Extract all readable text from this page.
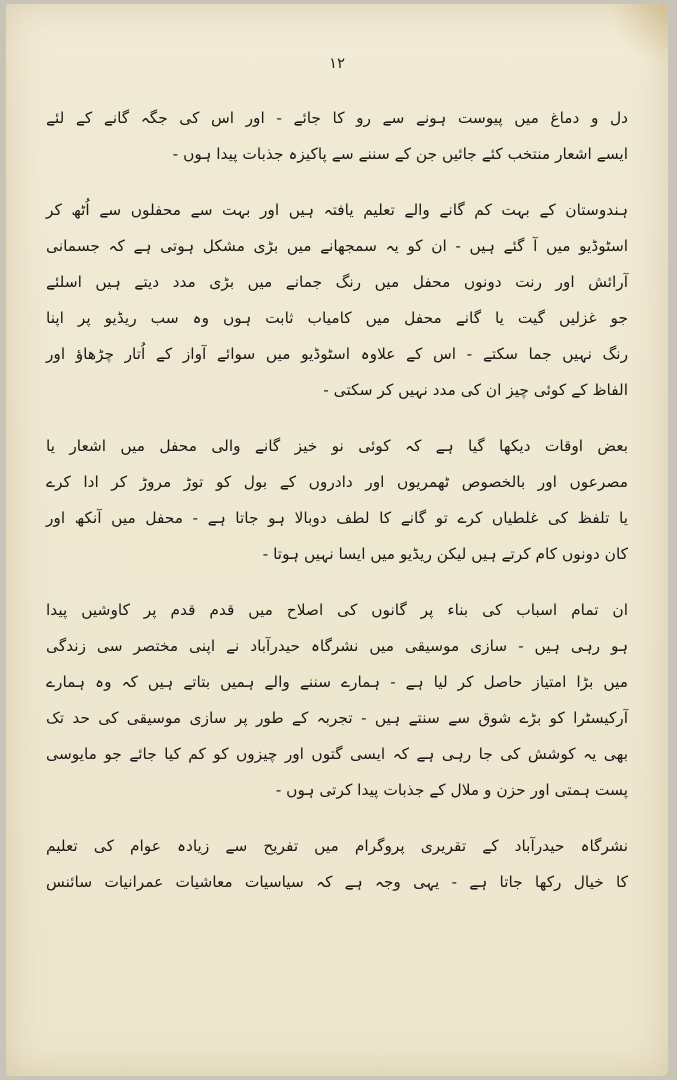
١٢
دل و دماغ میں پیوست ہونے سے رو کا جائے - اور اس کی جگہ گانے کے لئے
ایسے اشعار منتخب کئے جائیں جن کے سننے سے پاکیزہ جذبات پیدا ہوں -
ہندوستان کے بہت کم گانے والے تعلیم یافتہ ہیں اور بہت سے محفلوں سے اُٹھ کر
اسٹوڈیو میں آ گئے ہیں - ان کو یہ سمجھانے میں بڑی مشکل ہوتی ہے کہ جسمانی
آرائش اور رنت دونوں محفل میں رنگ جمانے میں بڑی مدد دیتے ہیں اسلئے
جو غزلیں گیت یا گانے محفل میں کامیاب ثابت ہوں وہ سب ریڈیو پر اپنا
رنگ نہیں جما سکتے - اس کے علاوہ اسٹوڈیو میں سوائے آواز کے اُتار چڑھاؤ اور
الفاظ کے کوئی چیز ان کی مدد نہیں کر سکتی -
بعض اوقات دیکھا گیا ہے کہ کوئی نو خیز گانے والی محفل میں اشعار یا
مصرعوں اور بالخصوص ٹھمریوں اور دادروں کے بول کو توڑ مروڑ کر ادا کرے
یا تلفظ کی غلطیاں کرے تو گانے کا لطف دوبالا ہو جاتا ہے - محفل میں آنکھ اور
کان دونوں کام کرتے ہیں لیکن ریڈیو میں ایسا نہیں ہوتا -
ان تمام اسباب کی بناء پر گانوں کی اصلاح میں قدم قدم پر کاوشیں پیدا
ہو رہی ہیں - سازی موسیقی میں نشرگاہ حیدرآباد نے اپنی مختصر سی زندگی
میں بڑا امتیاز حاصل کر لیا ہے - ہمارے سننے والے ہمیں بتاتے ہیں کہ وہ ہمارے
آرکیسٹرا کو بڑے شوق سے سنتے ہیں - تجربہ کے طور پر سازی موسیقی کی حد تک
بھی یہ کوشش کی جا رہی ہے کہ ایسی گتوں اور چیزوں کو کم کیا جائے جو مایوسی
پست ہمتی اور حزن و ملال کے جذبات پیدا کرتی ہوں -
نشرگاہ حیدرآباد کے تقریری پروگرام میں تفریح سے زیادہ عوام کی تعلیم
کا خیال رکھا جاتا ہے - یہی وجہ ہے کہ سیاسیات معاشیات عمرانیات سائنس
